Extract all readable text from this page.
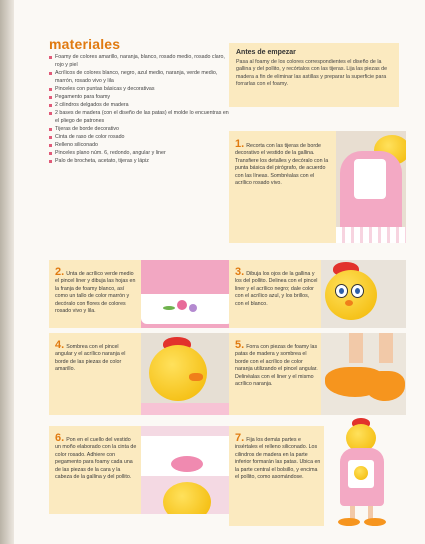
materiales
Foamy de colores amarillo, naranja, blanco, rosado medio, rosado claro, rojo y piel
Acrílicos de colores blanco, negro, azul medio, naranja, verde medio, marrón, rosado vivo y lila
Pinceles con puntas básicas y decorativas
Pegamento para foamy
2 cilindros delgados de madera
2 bases de madera (con el diseño de las patas) el molde lo encuentras en el pliego de patrones
Tijeras de borde decorativo
Cinta de raso de color rosado
Relleno siliconado
Pinceles plano núm. 6, redondo, angular y liner
Palo de brocheta, acetato, tijeras y lápiz
Antes de empezar

Pasa al foamy de los colores correspondientes el diseño de la gallina y del pollito, y recórtalos con las tijeras. Lija las piezas de madera a fin de eliminar las astillas y preparar la superficie para forrarlas con el foamy.

1. Recorta con las tijeras de borde decorativo el vestido de la gallina. Transfiere los detalles y decóralo con la punta básica del pirógrafo, de acuerdo con las líneas. Sombréalas con el acrílico rosado vivo.
2. Unta de acrílico verde medio el pincel liner y dibuja las hojas en la franja de foamy blanco, así como un tallo de color marrón y decóralo con flores de colores rosado vivo y lila.
3. Dibuja los ojos de la gallina y los del pollito. Delinea con el pincel liner y el acrílico negro; dale color con el acrílico azul, y los brillos, con el blanco.
4. Sombrea con el pincel angular y el acrílico naranja el borde de las piezas de color amarillo.
5. Forra con piezas de foamy las patas de madera y sombrea el borde con el acrílico de color naranja utilizando el pincel angular. Delinéalas con el liner y el mismo acrílico naranja.
6. Pon en el cuello del vestido un moño elaborado con la cinta de color rosado. Adhiere con pegamento para foamy cada una de las piezas de la cara y la cabeza de la gallina y del pollito.
7. Fija los demás partes e insértales el relleno siliconado. Los cilindros de madera en la parte inferior formarán las patas. Ubica en la parte central el bolsillo, y encima el pollito, como asomándose.
